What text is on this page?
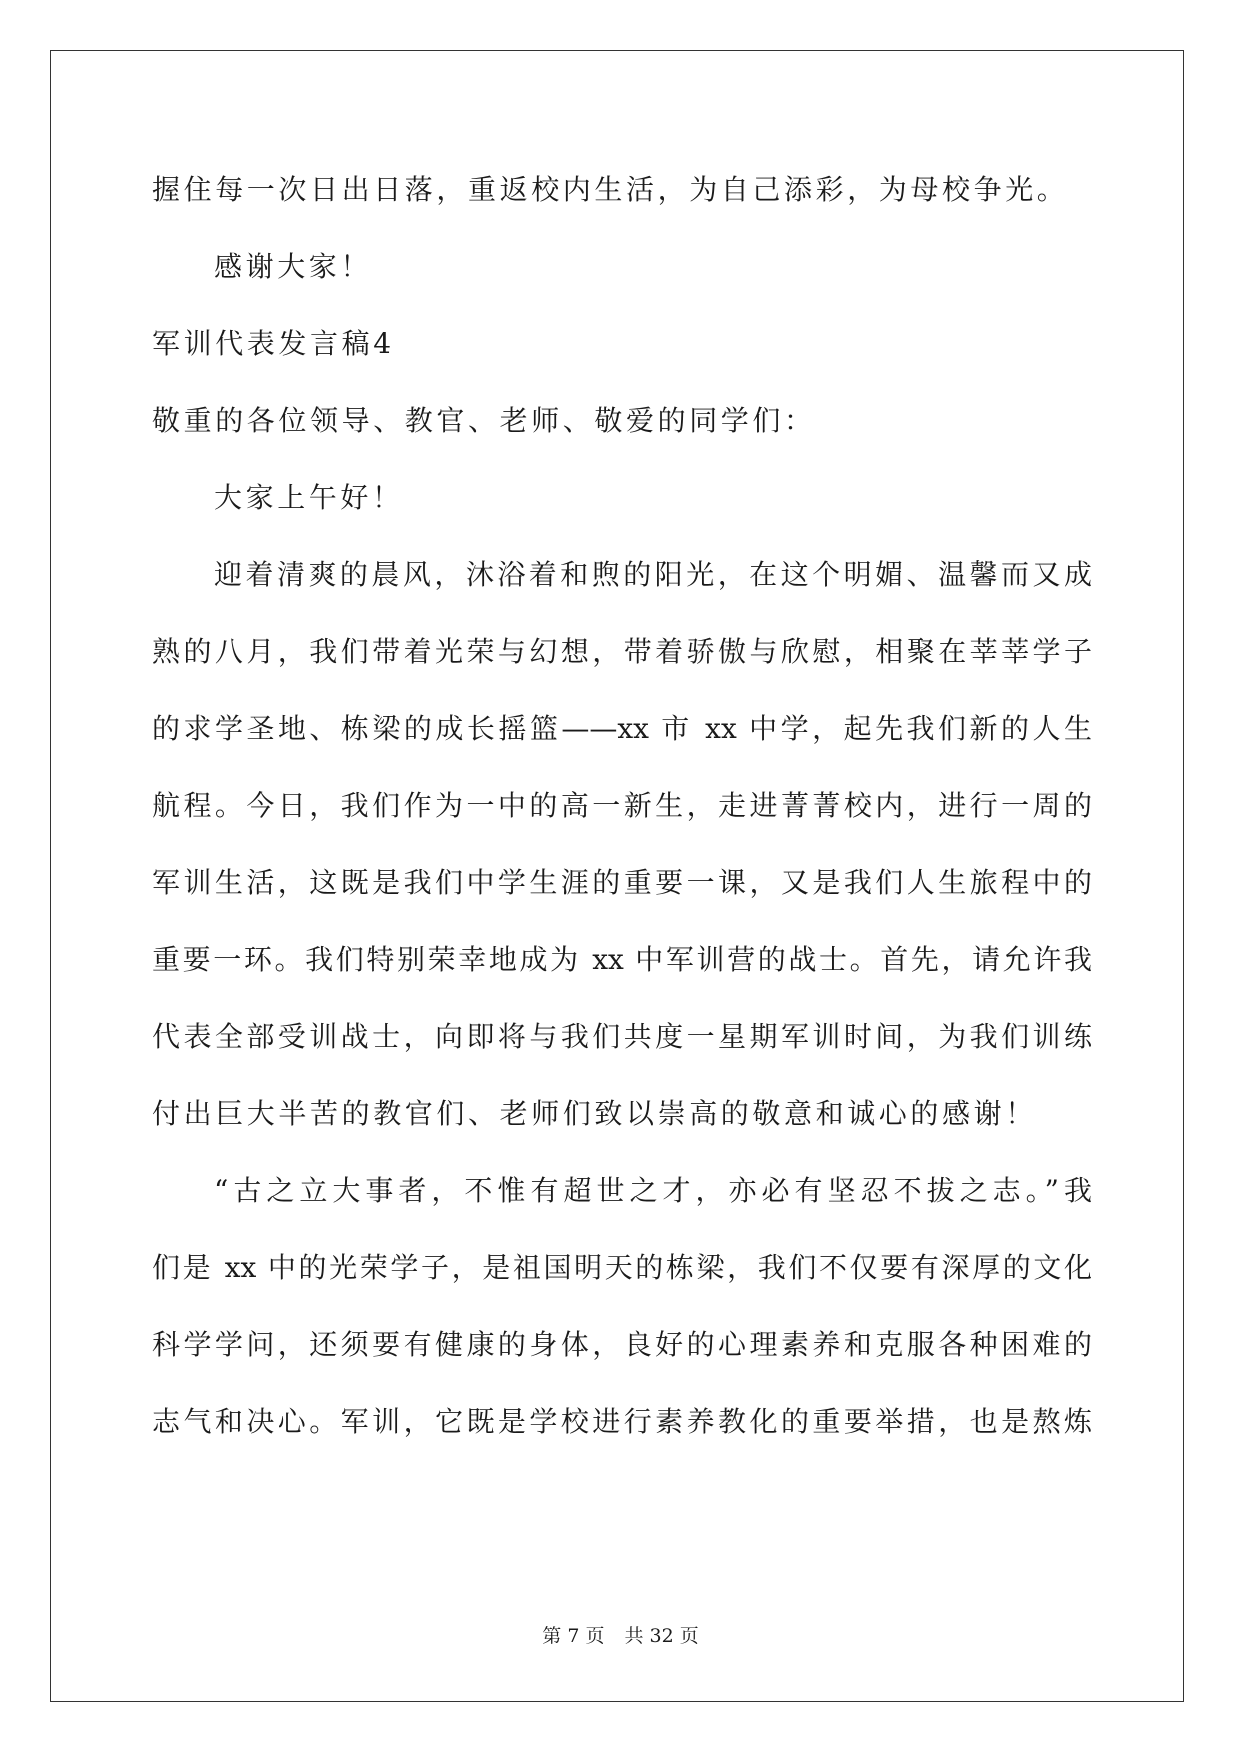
握住每一次日出日落，重返校内生活，为自己添彩，为母校争光。
感谢大家！
军训代表发言稿4
敬重的各位领导、教官、老师、敬爱的同学们：
大家上午好！
迎着清爽的晨风，沐浴着和煦的阳光，在这个明媚、温馨而又成
熟的八月，我们带着光荣与幻想，带着骄傲与欣慰，相聚在莘莘学子
的求学圣地、栋梁的成长摇篮——xx 市 xx 中学，起先我们新的人生
航程。今日，我们作为一中的高一新生，走进菁菁校内，进行一周的
军训生活，这既是我们中学生涯的重要一课，又是我们人生旅程中的
重要一环。我们特别荣幸地成为 xx 中军训营的战士。首先，请允许我
代表全部受训战士，向即将与我们共度一星期军训时间，为我们训练
付出巨大半苦的教官们、老师们致以崇高的敬意和诚心的感谢！
“古之立大事者，不惟有超世之才，亦必有坚忍不拔之志。”我
们是 xx 中的光荣学子，是祖国明天的栋梁，我们不仅要有深厚的文化
科学学问，还须要有健康的身体，良好的心理素养和克服各种困难的
志气和决心。军训，它既是学校进行素养教化的重要举措，也是熬炼
第 7 页 共 32 页
